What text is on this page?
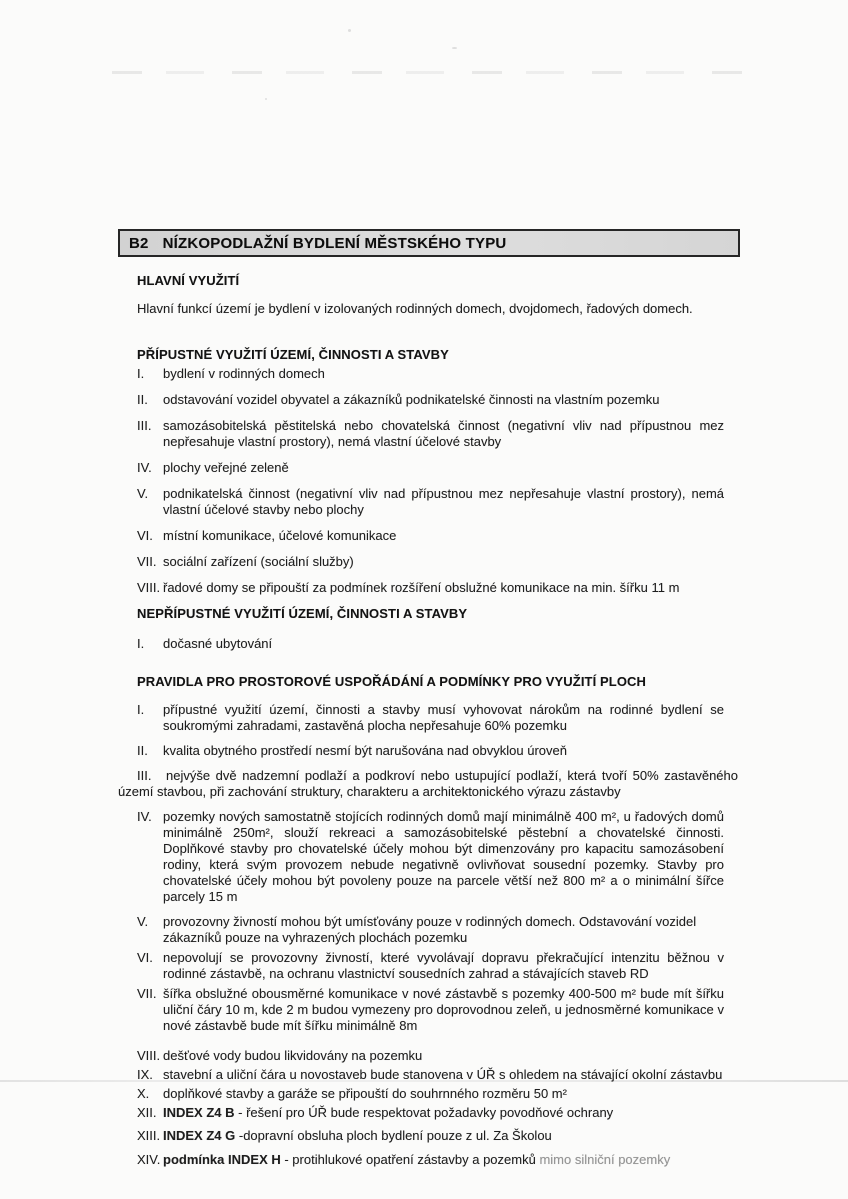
B2 NÍZKOPODLAŽNÍ BYDLENÍ MĚSTSKÉHO TYPU
HLAVNÍ VYUŽITÍ
Hlavní funkcí území je bydlení v izolovaných rodinných domech, dvojdomech, řadových domech.
PŘÍPUSTNÉ VYUŽITÍ ÚZEMÍ, ČINNOSTI A STAVBY
I.	bydlení v rodinných domech
II.	odstavování vozidel obyvatel a zákazníků podnikatelské činnosti na vlastním pozemku
III. samozásobitelská pěstitelská nebo chovatelská činnost (negativní vliv nad přípustnou mez nepřesahuje vlastní prostory), nemá vlastní účelové stavby
IV. plochy veřejné zeleně
V.	podnikatelská činnost (negativní vliv nad přípustnou mez nepřesahuje vlastní prostory), nemá vlastní účelové stavby nebo plochy
VI. místní komunikace, účelové komunikace
VII. sociální zařízení (sociální služby)
VIII. řadové domy se připouští za podmínek rozšíření obslužné komunikace na min. šířku 11 m
NEPŘÍPUSTNÉ VYUŽITÍ ÚZEMÍ, ČINNOSTI A STAVBY
I.	dočasné ubytování
PRAVIDLA PRO PROSTOROVÉ USPOŘÁDÁNÍ A PODMÍNKY PRO VYUŽITÍ PLOCH
I.	přípustné využití území, činnosti a stavby musí vyhovovat nárokům na rodinné bydlení se soukromými zahradami, zastavěná plocha nepřesahuje 60% pozemku
II.	kvalita obytného prostředí nesmí být narušována nad obvyklou úroveň
III. nejvýše dvě nadzemní podlaží a podkroví nebo ustupující podlaží, která tvoří 50% zastavěného území stavbou, při zachování struktury, charakteru a architektonického výrazu zástavby
IV. pozemky nových samostatně stojících rodinných domů mají minimálně 400 m², u řadových domů minimálně 250m², slouží rekreaci a samozásobitelské pěstební a chovatelské činnosti. Doplňkové stavby pro chovatelské účely mohou být dimenzovány pro kapacitu samozásobení rodiny, která svým provozem nebude negativně ovlivňovat sousední pozemky. Stavby pro chovatelské účely mohou být povoleny pouze na parcele větší než 800 m² a o minimální šířce parcely 15 m
V.	provozovny živností mohou být umísťovány pouze v rodinných domech. Odstavování vozidel zákazníků pouze na vyhrazených plochách pozemku
VI. nepovolují se provozovny živností, které vyvolávají dopravu překračující intenzitu běžnou v rodinné zástavbě, na ochranu vlastnictví sousedních zahrad a stávajících staveb RD
VII. šířka obslužné obousměrné komunikace v nové zástavbě s pozemky 400-500 m² bude mít šířku uliční čáry 10 m, kde 2 m budou vymezeny pro doprovodnou zeleň, u jednosměrné komunikace v nové zástavbě bude mít šířku minimálně 8m
VIII. dešťové vody budou likvidovány na pozemku
IX. stavební a uliční čára u novostaveb bude stanovena v ÚŘ s ohledem na stávající okolní zástavbu
X.	doplňkové stavby a garáže se připouští do souhrnného rozměru 50 m²
XII. INDEX Z4 B - řešení pro ÚŘ bude respektovat požadavky povodňové ochrany
XIII. INDEX Z4 G -dopravní obsluha ploch bydlení pouze z ul. Za Školou
XIV. podmínka INDEX H - protihlukové opatření zástavby a pozemků mimo silniční pozemky
